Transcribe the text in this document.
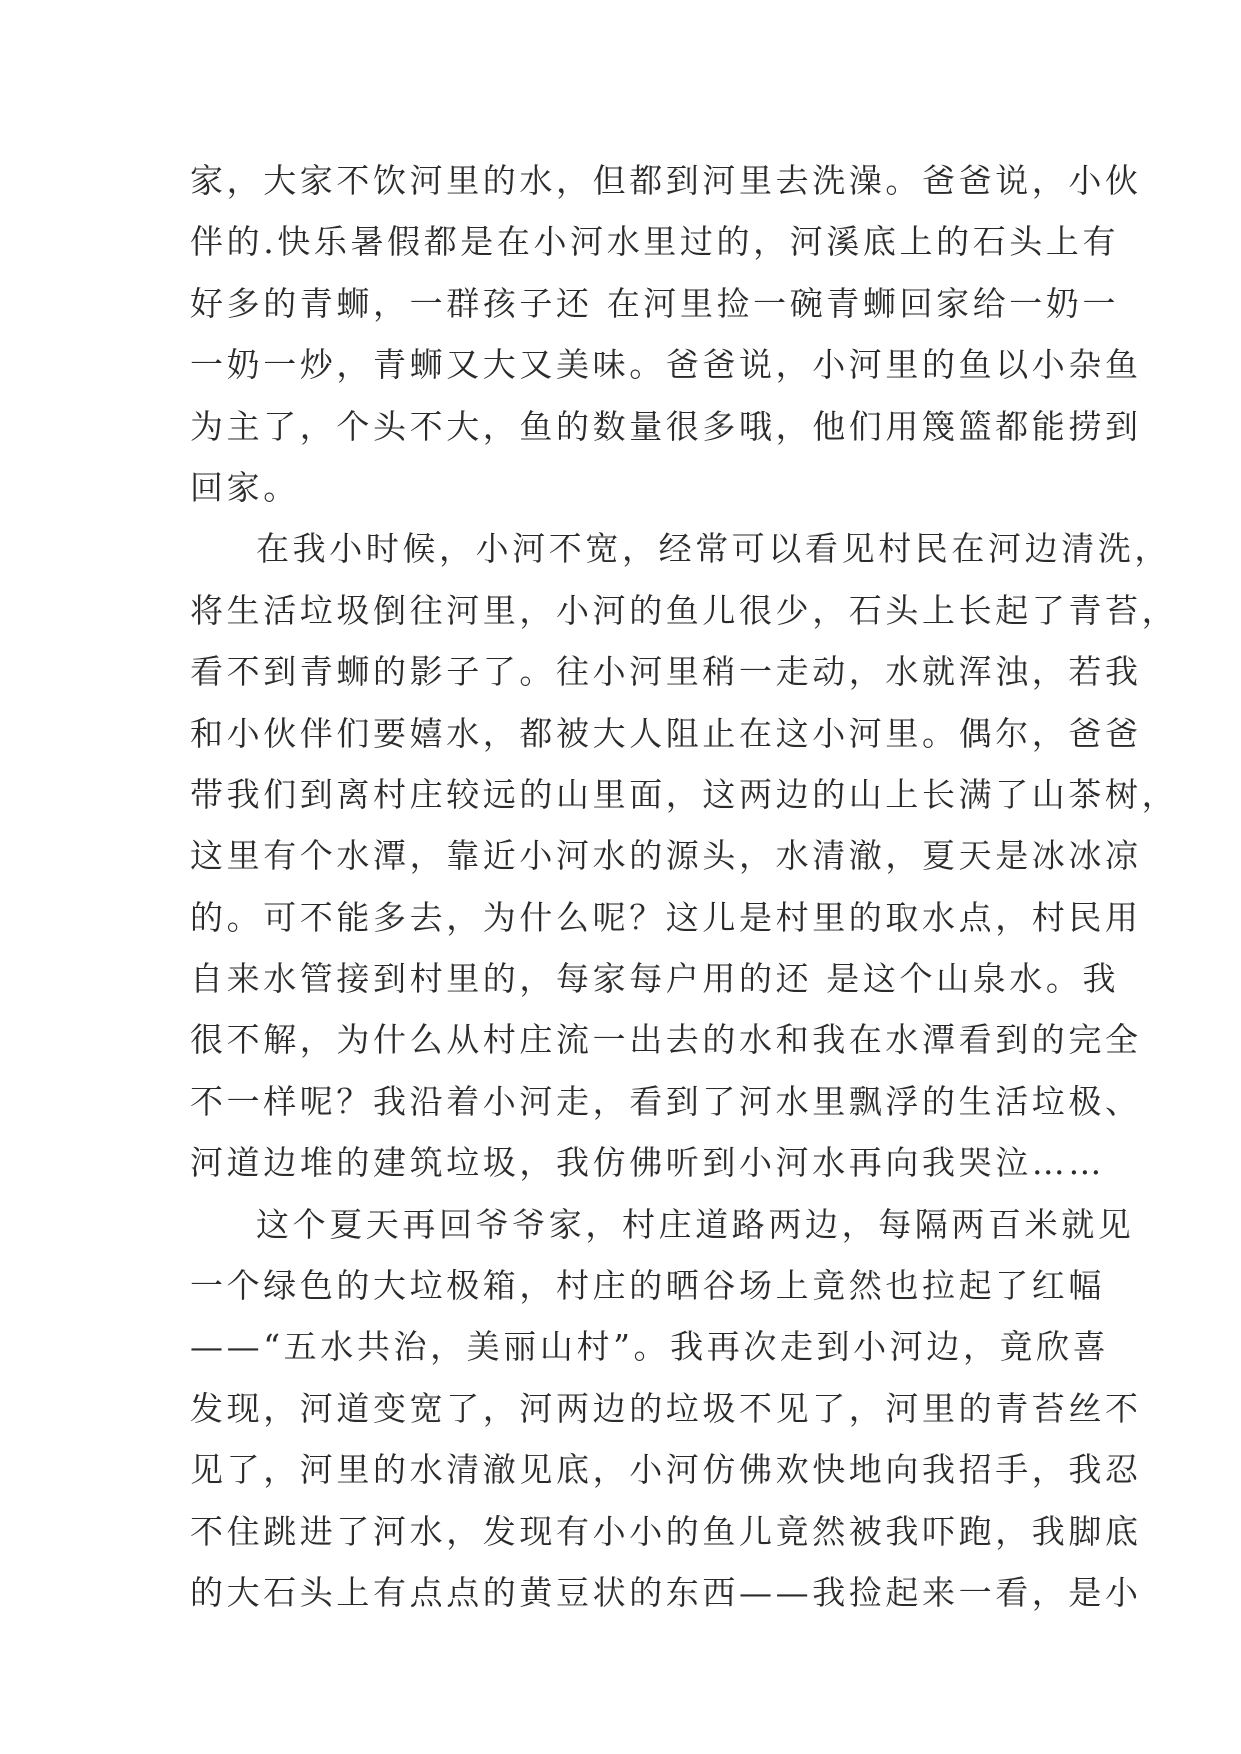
家，大家不饮河里的水，但都到河里去洗澡。爸爸说，小伙
伴的.快乐暑假都是在小河水里过的，河溪底上的石头上有
好多的青蛳，一群孩子还 在河里捡一碗青蛳回家给一奶一
一奶一炒，青蛳又大又美味。爸爸说，小河里的鱼以小杂鱼
为主了，个头不大，鱼的数量很多哦，他们用篾篮都能捞到
回家。
在我小时候，小河不宽，经常可以看见村民在河边清洗，
将生活垃圾倒往河里，小河的鱼儿很少，石头上长起了青苔，
看不到青蛳的影子了。往小河里稍一走动，水就浑浊，若我
和小伙伴们要嬉水，都被大人阻止在这小河里。偶尔，爸爸
带我们到离村庄较远的山里面，这两边的山上长满了山茶树，
这里有个水潭，靠近小河水的源头，水清澈，夏天是冰冰凉
的。可不能多去，为什么呢？这儿是村里的取水点，村民用
自来水管接到村里的，每家每户用的还 是这个山泉水。我
很不解，为什么从村庄流一出去的水和我在水潭看到的完全
不一样呢？我沿着小河走，看到了河水里飘浮的生活垃极、
河道边堆的建筑垃圾，我仿佛听到小河水再向我哭泣……
这个夏天再回爷爷家，村庄道路两边，每隔两百米就见
一个绿色的大垃极箱，村庄的晒谷场上竟然也拉起了红幅
——“五水共治，美丽山村”。我再次走到小河边，竟欣喜
发现，河道变宽了，河两边的垃圾不见了，河里的青苔丝不
见了，河里的水清澈见底，小河仿佛欢快地向我招手，我忍
不住跳进了河水，发现有小小的鱼儿竟然被我吓跑，我脚底
的大石头上有点点的黄豆状的东西——我捡起来一看，是小
